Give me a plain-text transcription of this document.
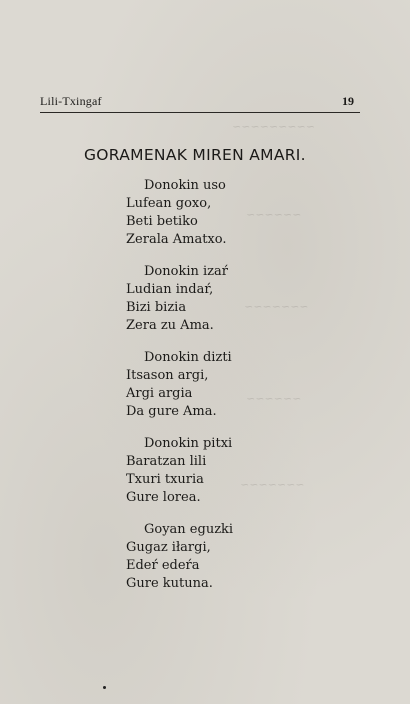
~~~~~~~~~
~~~~~~
~~~~~~~
~~~~~~
~~~~~~~
Lili-Txingaf	19
GORAMENAK MIREN AMARI.
Donokin uso
Lufean goxo,
Beti betiko
Zerala Amatxo.
Donokin izaŕ
Ludian indaŕ,
Bizi bizia
Zera zu Ama.
Donokin dizti
Itsason argi,
Argi argia
Da gure Ama.
Donokin pitxi
Baratzan lili
Txuri txuria
Gure lorea.
Goyan eguzki
Gugaz iłargi,
Edeŕ edeŕa
Gure kutuna.
